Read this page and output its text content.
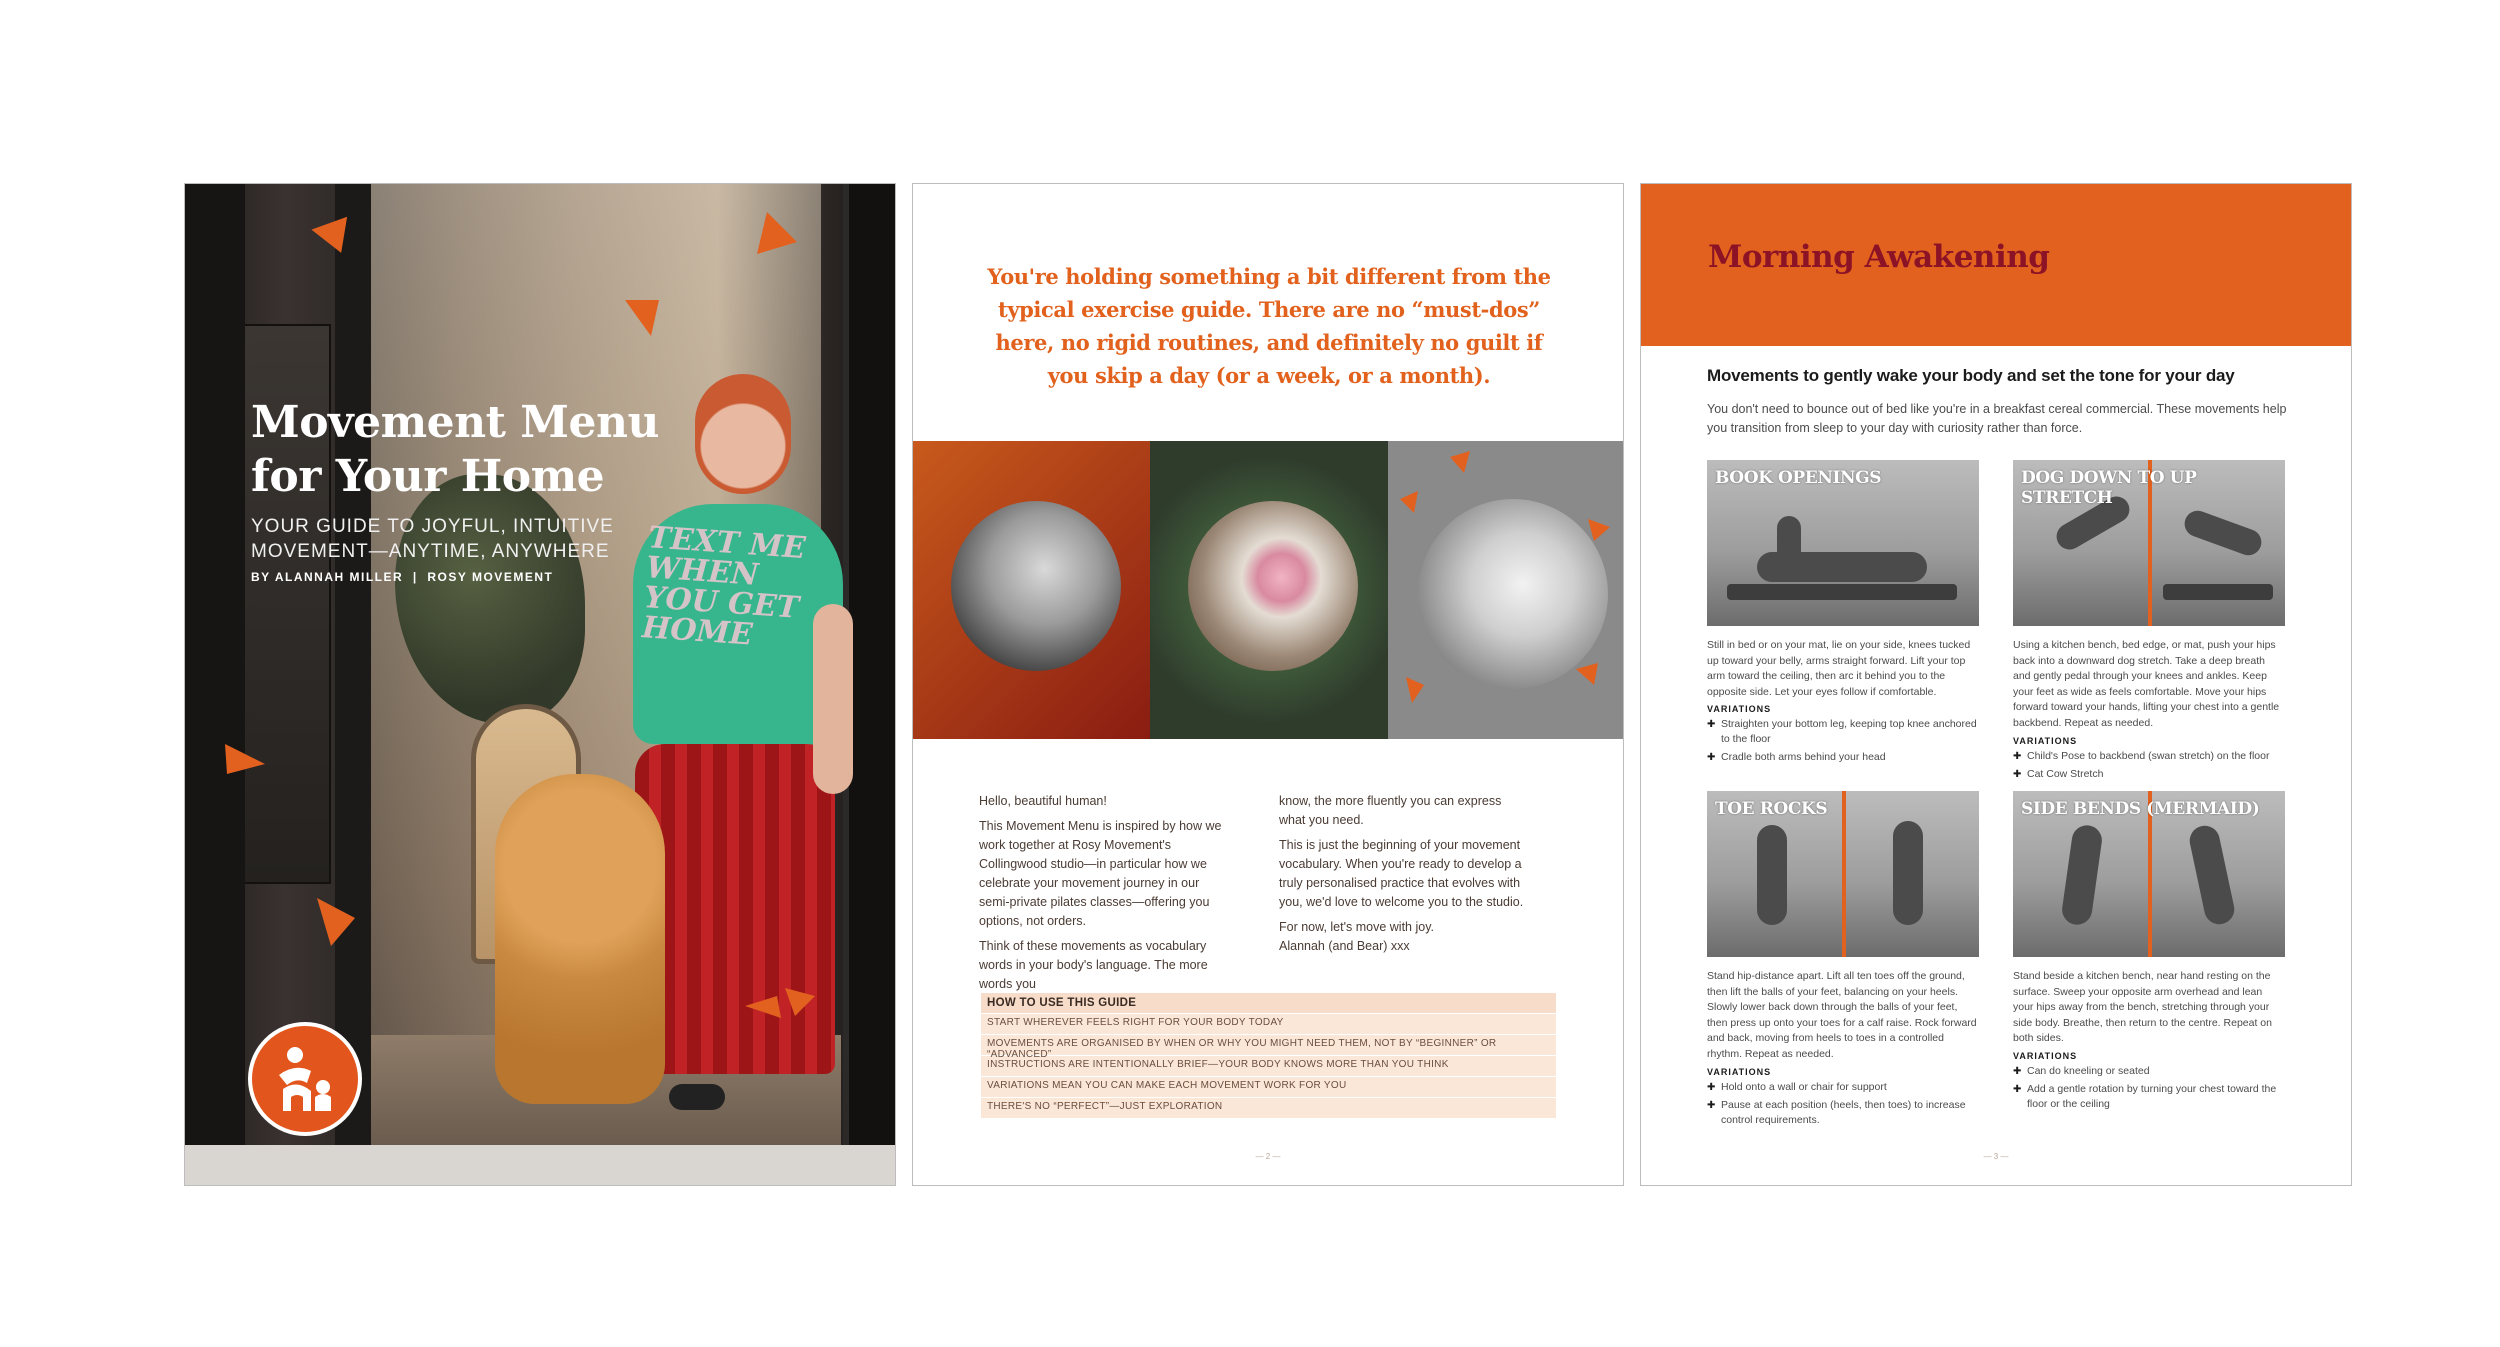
TEXT ME WHEN YOU GET HOME
Movement Menu
for Your Home
YOUR GUIDE TO JOYFUL, INTUITIVE
MOVEMENT—ANYTIME, ANYWHERE
BY ALANNAH MILLER  |  ROSY MOVEMENT
You're holding something a bit different from the typical exercise guide. There are no “must-dos” here, no rigid routines, and definitely no guilt if you skip a day (or a week, or a month).

Hello, beautiful human!

This Movement Menu is inspired by how we work together at Rosy Movement's Collingwood studio—in particular how we celebrate your movement journey in our semi-private pilates classes—offering you options, not orders.

Think of these movements as vocabulary words in your body's language. The more words you

know, the more fluently you can express what you need.

This is just the beginning of your movement vocabulary. When you're ready to develop a truly personalised practice that evolves with you, we'd love to welcome you to the studio.

For now, let's move with joy.

Alannah (and Bear) xxx

HOW TO USE THIS GUIDE
START WHEREVER FEELS RIGHT FOR YOUR BODY TODAY
MOVEMENTS ARE ORGANISED BY WHEN OR WHY YOU MIGHT NEED THEM, NOT BY “BEGINNER” OR “ADVANCED”
INSTRUCTIONS ARE INTENTIONALLY BRIEF—YOUR BODY KNOWS MORE THAN YOU THINK
VARIATIONS MEAN YOU CAN MAKE EACH MOVEMENT WORK FOR YOU
THERE'S NO “PERFECT”—JUST EXPLORATION
— 2 —
Morning Awakening
Movements to gently wake your body and set the tone for your day
You don't need to bounce out of bed like you're in a breakfast cereal commercial. These movements help you transition from sleep to your day with curiosity rather than force.
BOOK OPENINGS
Still in bed or on your mat, lie on your side, knees tucked up toward your belly, arms straight forward. Lift your top arm toward the ceiling, then arc it behind you to the opposite side. Let your eyes follow if comfortable.
VARIATIONS
✚ Straighten your bottom leg, keeping top knee anchored to the floor
✚ Cradle both arms behind your head
DOG DOWN TO UP STRETCH
Using a kitchen bench, bed edge, or mat, push your hips back into a downward dog stretch. Take a deep breath and gently pedal through your knees and ankles. Keep your feet as wide as feels comfortable. Move your hips forward toward your hands, lifting your chest into a gentle backbend. Repeat as needed.
VARIATIONS
✚ Child's Pose to backbend (swan stretch) on the floor
✚ Cat Cow Stretch
TOE ROCKS
Stand hip-distance apart. Lift all ten toes off the ground, then lift the balls of your feet, balancing on your heels. Slowly lower back down through the balls of your feet, then press up onto your toes for a calf raise. Rock forward and back, moving from heels to toes in a controlled rhythm. Repeat as needed.
VARIATIONS
✚ Hold onto a wall or chair for support
✚ Pause at each position (heels, then toes) to increase control requirements.
SIDE BENDS (MERMAID)
Stand beside a kitchen bench, near hand resting on the surface. Sweep your opposite arm overhead and lean your hips away from the bench, stretching through your side body. Breathe, then return to the centre. Repeat on both sides.
VARIATIONS
✚ Can do kneeling or seated
✚ Add a gentle rotation by turning your chest toward the floor or the ceiling
— 3 —
